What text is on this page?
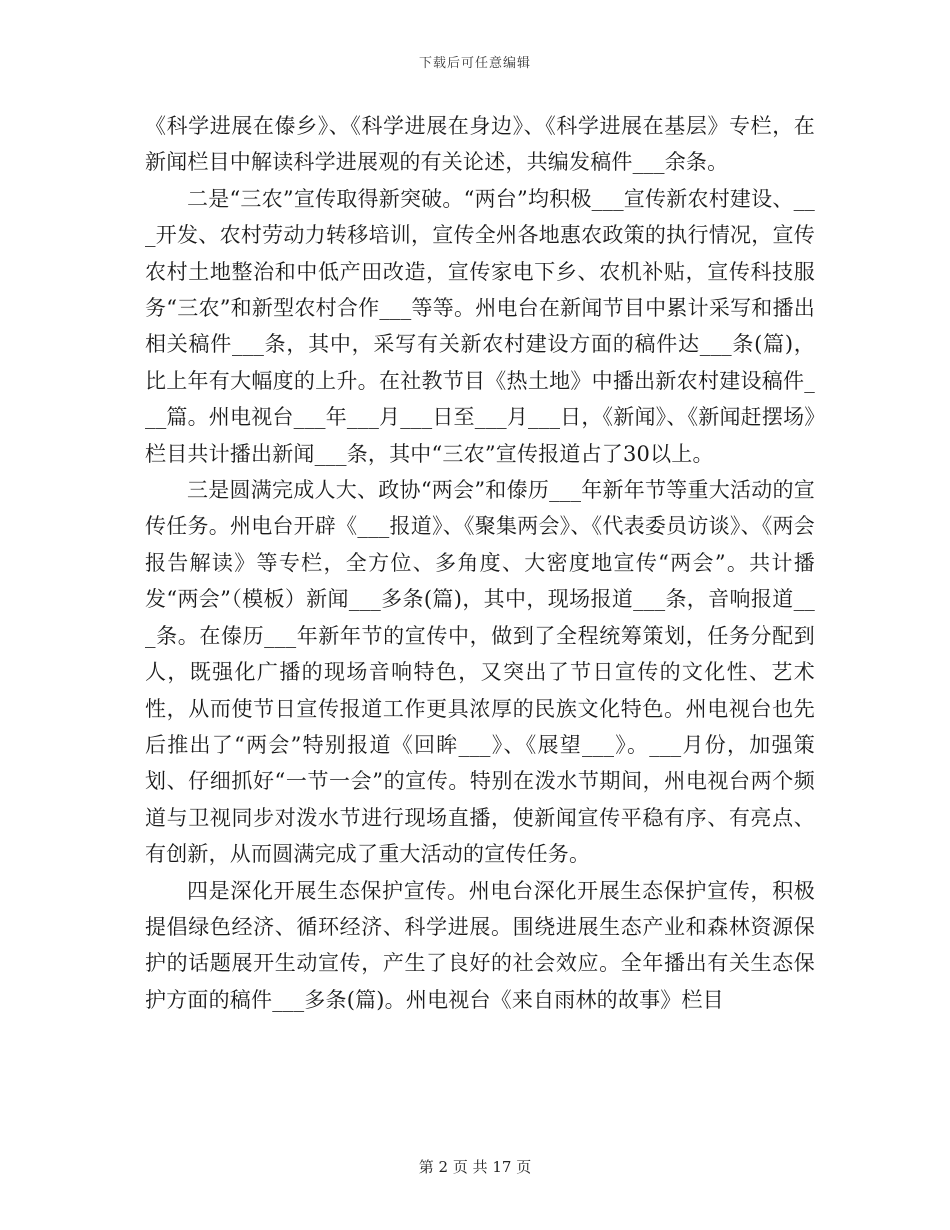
下载后可任意编辑

《科学进展在傣乡》、《科学进展在身边》、《科学进展在基层》专栏，在新闻栏目中解读科学进展观的有关论述，共编发稿件___余条。

二是“三农”宣传取得新突破。“两台”均积极___宣传新农村建设、___开发、农村劳动力转移培训，宣传全州各地惠农政策的执行情况，宣传农村土地整治和中低产田改造，宣传家电下乡、农机补贴，宣传科技服务“三农”和新型农村合作___等等。州电台在新闻节目中累计采写和播出相关稿件___条，其中，采写有关新农村建设方面的稿件达___条(篇)，比上年有大幅度的上升。在社教节目《热土地》中播出新农村建设稿件___篇。州电视台___年___月___日至___月___日，《新闻》、《新闻赶摆场》栏目共计播出新闻___条，其中“三农”宣传报道占了30以上。

三是圆满完成人大、政协“两会”和傣历___年新年节等重大活动的宣传任务。州电台开辟《___报道》、《聚集两会》、《代表委员访谈》、《两会报告解读》等专栏，全方位、多角度、大密度地宣传“两会”。共计播发“两会”（模板）新闻___多条(篇)，其中，现场报道___条，音响报道___条。在傣历___年新年节的宣传中，做到了全程统筹策划，任务分配到人，既强化广播的现场音响特色，又突出了节日宣传的文化性、艺术性，从而使节日宣传报道工作更具浓厚的民族文化特色。州电视台也先后推出了“两会”特别报道《回眸___》、《展望___》。___月份，加强策划、仔细抓好“一节一会”的宣传。特别在泼水节期间，州电视台两个频道与卫视同步对泼水节进行现场直播，使新闻宣传平稳有序、有亮点、有创新，从而圆满完成了重大活动的宣传任务。

四是深化开展生态保护宣传。州电台深化开展生态保护宣传，积极提倡绿色经济、循环经济、科学进展。围绕进展生态产业和森林资源保护的话题展开生动宣传，产生了良好的社会效应。全年播出有关生态保护方面的稿件___多条(篇)。州电视台《来自雨林的故事》栏目

第 2 页 共 17 页
